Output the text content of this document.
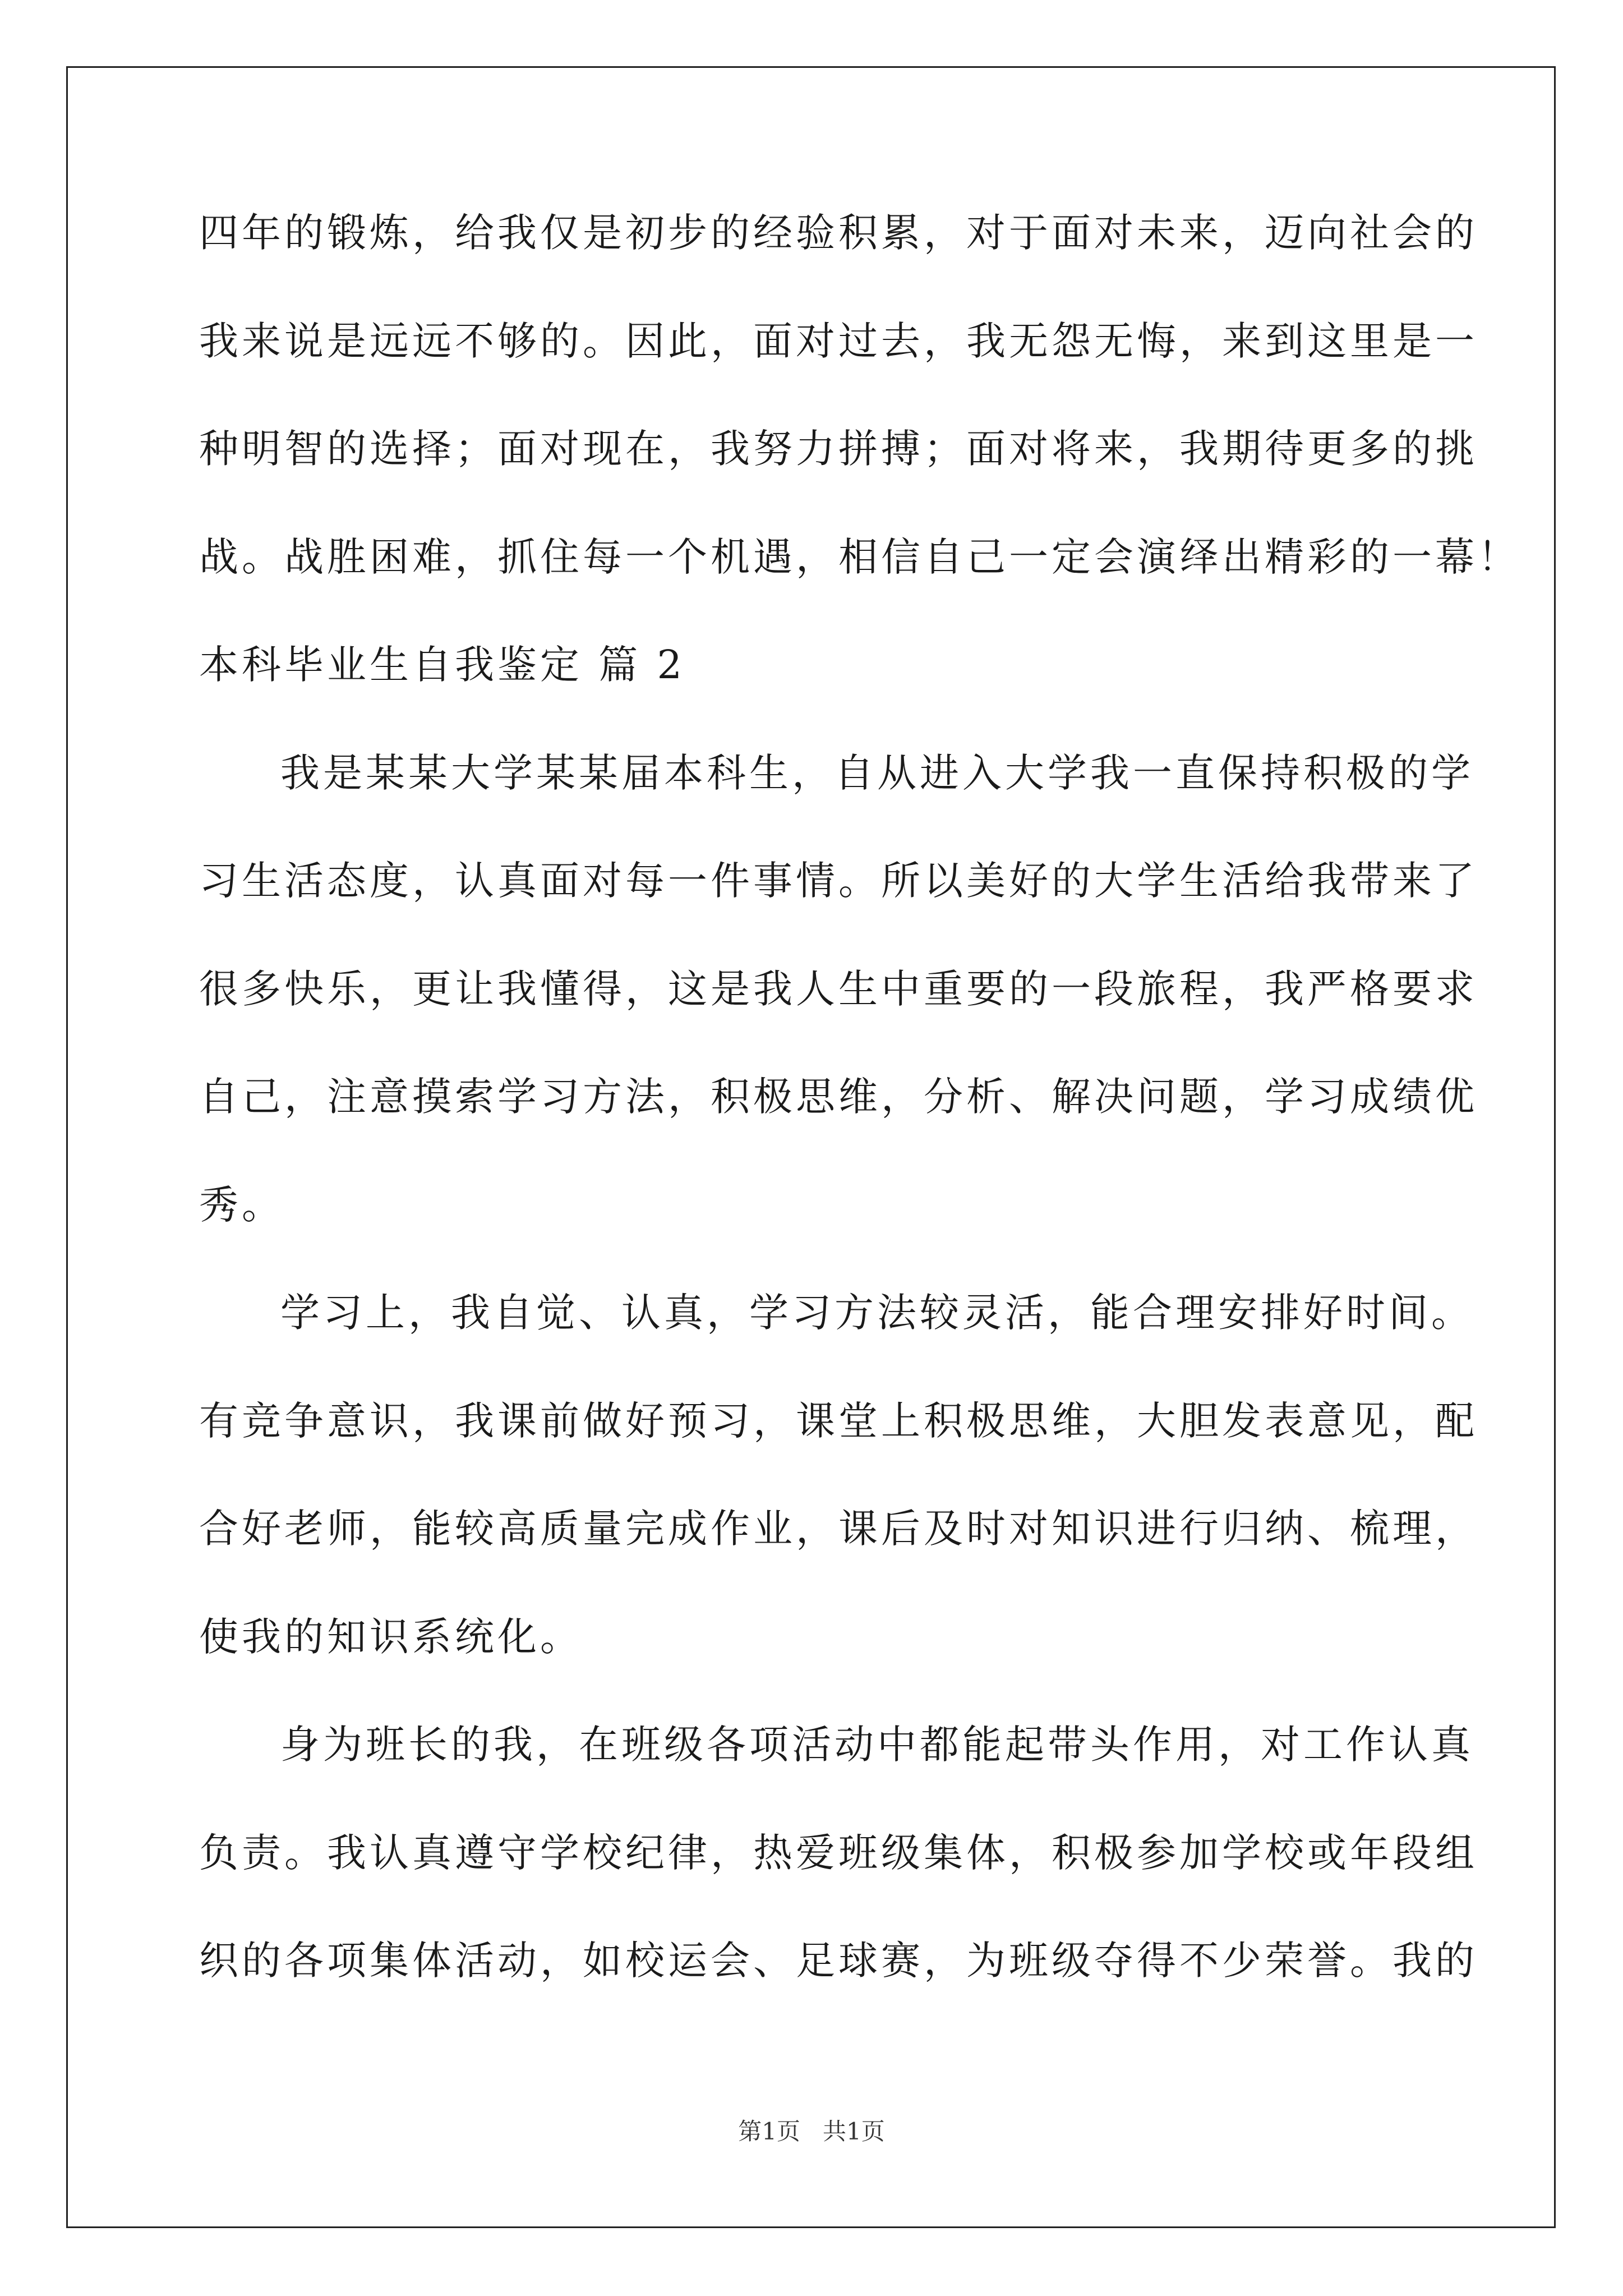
四年的锻炼，给我仅是初步的经验积累，对于面对未来，迈向社会的
我来说是远远不够的。因此，面对过去，我无怨无悔，来到这里是一
种明智的选择；面对现在，我努力拼搏；面对将来，我期待更多的挑
战。战胜困难，抓住每一个机遇，相信自己一定会演绎出精彩的一幕！
本科毕业生自我鉴定 篇 2
我是某某大学某某届本科生，自从进入大学我一直保持积极的学
习生活态度，认真面对每一件事情。所以美好的大学生活给我带来了
很多快乐，更让我懂得，这是我人生中重要的一段旅程，我严格要求
自己，注意摸索学习方法，积极思维，分析、解决问题，学习成绩优
秀。
学习上，我自觉、认真，学习方法较灵活，能合理安排好时间。
有竞争意识，我课前做好预习，课堂上积极思维，大胆发表意见，配
合好老师，能较高质量完成作业，课后及时对知识进行归纳、梳理，
使我的知识系统化。
身为班长的我，在班级各项活动中都能起带头作用，对工作认真
负责。我认真遵守学校纪律，热爱班级集体，积极参加学校或年段组
织的各项集体活动，如校运会、足球赛，为班级夺得不少荣誉。我的
第1页   共1页
